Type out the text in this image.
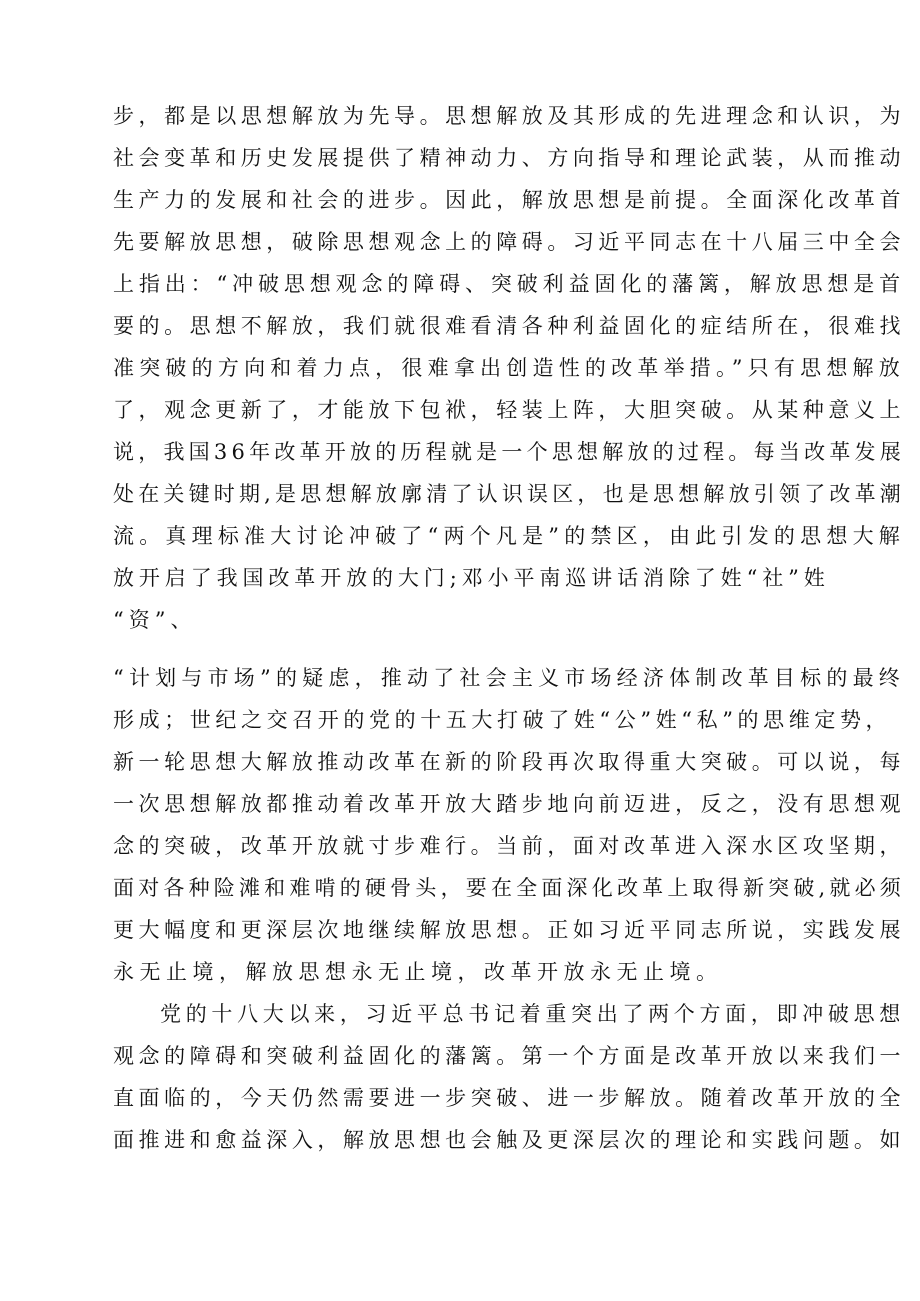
步，都是以思想解放为先导。思想解放及其形成的先进理念和认识，为

社会变革和历史发展提供了精神动力、方向指导和理论武装，从而推动

生产力的发展和社会的进步。因此，解放思想是前提。全面深化改革首

先要解放思想，破除思想观念上的障碍。习近平同志在十八届三中全会

上指出：“冲破思想观念的障碍、突破利益固化的藩篱，解放思想是首

要的。思想不解放，我们就很难看清各种利益固化的症结所在，很难找

准突破的方向和着力点，很难拿出创造性的改革举措。”只有思想解放

了，观念更新了，才能放下包袱，轻装上阵，大胆突破。从某种意义上

说，我国36年改革开放的历程就是一个思想解放的过程。每当改革发展

处在关键时期,是思想解放廓清了认识误区，也是思想解放引领了改革潮

流。真理标准大讨论冲破了“两个凡是”的禁区，由此引发的思想大解

放开启了我国改革开放的大门;邓小平南巡讲话消除了姓“社”姓

“资”、

“计划与市场”的疑虑，推动了社会主义市场经济体制改革目标的最终

形成；世纪之交召开的党的十五大打破了姓“公”姓“私”的思维定势，

新一轮思想大解放推动改革在新的阶段再次取得重大突破。可以说，每

一次思想解放都推动着改革开放大踏步地向前迈进，反之，没有思想观

念的突破，改革开放就寸步难行。当前，面对改革进入深水区攻坚期，

面对各种险滩和难啃的硬骨头，要在全面深化改革上取得新突破,就必须

更大幅度和更深层次地继续解放思想。正如习近平同志所说，实践发展

永无止境，解放思想永无止境，改革开放永无止境。

党的十八大以来，习近平总书记着重突出了两个方面，即冲破思想

观念的障碍和突破利益固化的藩篱。第一个方面是改革开放以来我们一

直面临的，今天仍然需要进一步突破、进一步解放。随着改革开放的全

面推进和愈益深入，解放思想也会触及更深层次的理论和实践问题。如
